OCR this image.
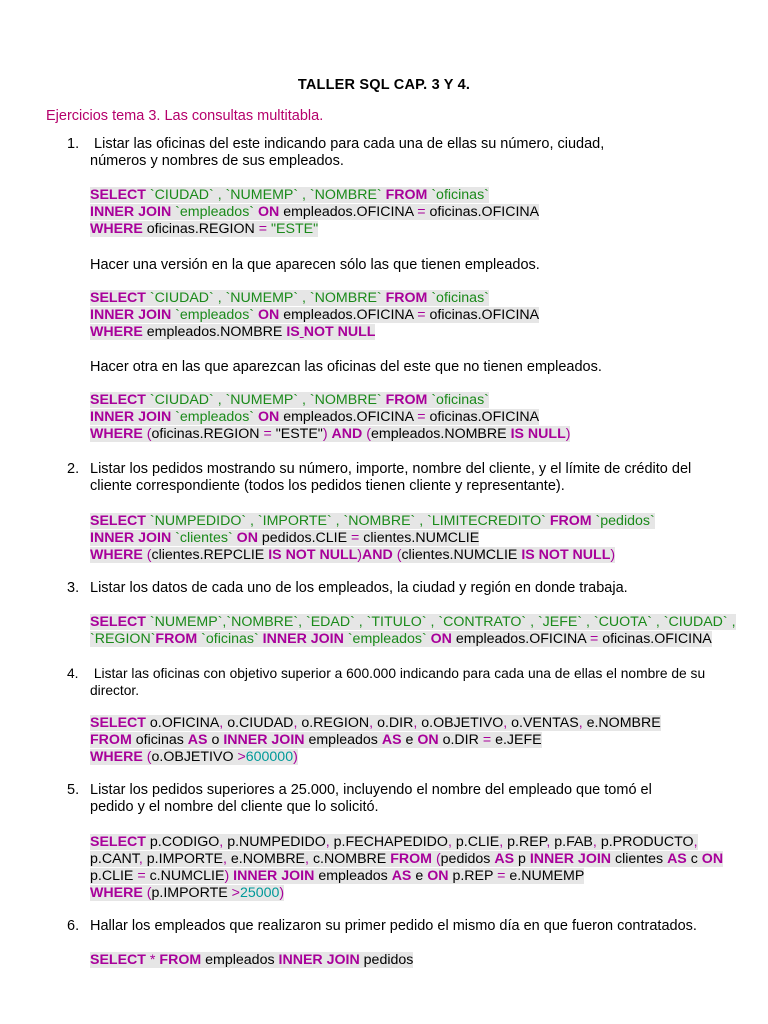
TALLER SQL CAP. 3 Y 4.
Ejercicios tema 3. Las consultas multitabla.
1. Listar las oficinas del este indicando para cada una de ellas su número, ciudad,
números y nombres de sus empleados.
SELECT `CIUDAD` , `NUMEMP` , `NOMBRE` FROM `oficinas`
INNER JOIN `empleados` ON empleados.OFICINA = oficinas.OFICINA
WHERE oficinas.REGION = "ESTE"
Hacer una versión en la que aparecen sólo las que tienen empleados.
SELECT `CIUDAD` , `NUMEMP` , `NOMBRE` FROM `oficinas`
INNER JOIN `empleados` ON empleados.OFICINA = oficinas.OFICINA
WHERE empleados.NOMBRE IS NOT NULL
Hacer otra en las que aparezcan las oficinas del este que no tienen empleados.
SELECT `CIUDAD` , `NUMEMP` , `NOMBRE` FROM `oficinas`
INNER JOIN `empleados` ON empleados.OFICINA = oficinas.OFICINA
WHERE (oficinas.REGION = "ESTE") AND (empleados.NOMBRE IS NULL)
2. Listar los pedidos mostrando su número, importe, nombre del cliente, y el límite de crédito del
cliente correspondiente (todos los pedidos tienen cliente y representante).
SELECT `NUMPEDIDO` , `IMPORTE` , `NOMBRE` , `LIMITECREDITO` FROM `pedidos`
INNER JOIN `clientes` ON pedidos.CLIE = clientes.NUMCLIE
WHERE (clientes.REPCLIE IS NOT NULL)AND (clientes.NUMCLIE IS NOT NULL)
3. Listar los datos de cada uno de los empleados, la ciudad y región en donde trabaja.
SELECT `NUMEMP`,`NOMBRE`, `EDAD` , `TITULO` , `CONTRATO` , `JEFE` , `CUOTA` , `CIUDAD` ,
`REGION`FROM `oficinas` INNER JOIN `empleados` ON empleados.OFICINA = oficinas.OFICINA
4. Listar las oficinas con objetivo superior a 600.000 indicando para cada una de ellas el nombre de su
director.
SELECT o.OFICINA, o.CIUDAD, o.REGION, o.DIR, o.OBJETIVO, o.VENTAS, e.NOMBRE
FROM oficinas AS o INNER JOIN empleados AS e ON o.DIR = e.JEFE
WHERE (o.OBJETIVO >600000)
5. Listar los pedidos superiores a 25.000, incluyendo el nombre del empleado que tomó el
pedido y el nombre del cliente que lo solicitó.
SELECT p.CODIGO, p.NUMPEDIDO, p.FECHAPEDIDO, p.CLIE, p.REP, p.FAB, p.PRODUCTO,
p.CANT, p.IMPORTE, e.NOMBRE, c.NOMBRE FROM (pedidos AS p INNER JOIN clientes AS c ON
p.CLIE = c.NUMCLIE) INNER JOIN empleados AS e ON p.REP = e.NUMEMP
WHERE (p.IMPORTE >25000)
6. Hallar los empleados que realizaron su primer pedido el mismo día en que fueron contratados.
SELECT * FROM empleados INNER JOIN pedidos
